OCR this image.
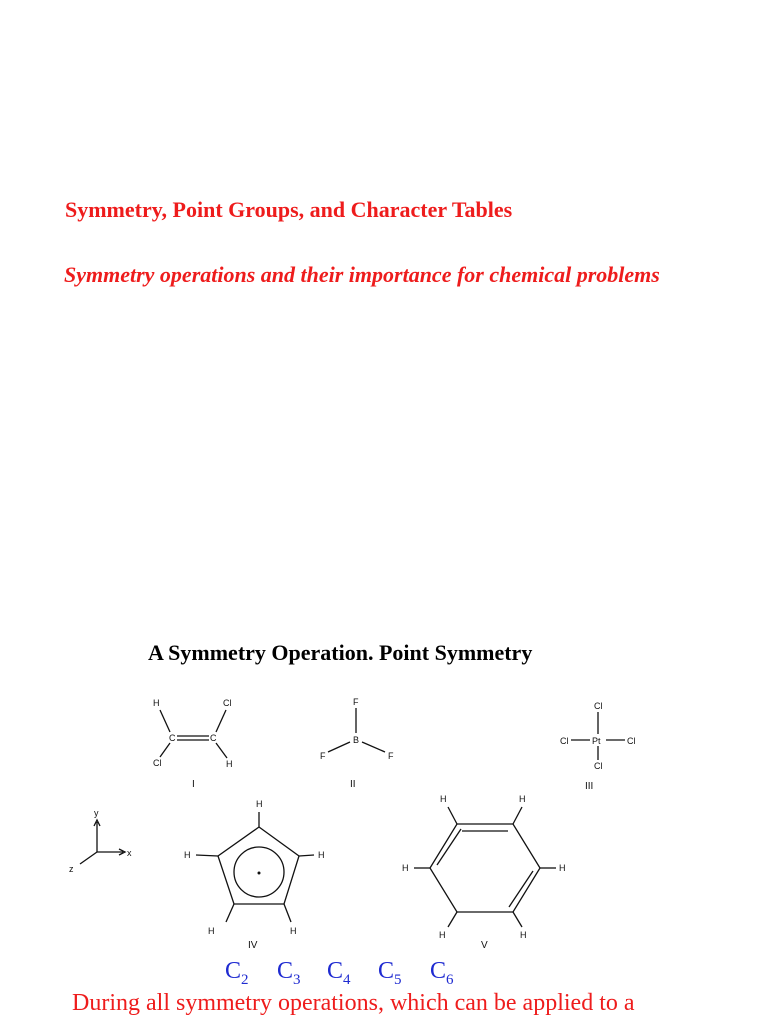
Symmetry, Point Groups, and Character Tables
Symmetry operations and their importance for chemical problems
A Symmetry Operation. Point Symmetry
H	Cl
C	C
Cl	H
I
F
B
F	F
II
Cl
Cl	Pt	Cl
Cl
III
y
x
z
H
H
H
H
H
IV
H	H
H
H
H
H
V
$C_2$ $C_3$ $C_4$ $C_5$ $C_6$
During all symmetry operations, which can be applied to a
